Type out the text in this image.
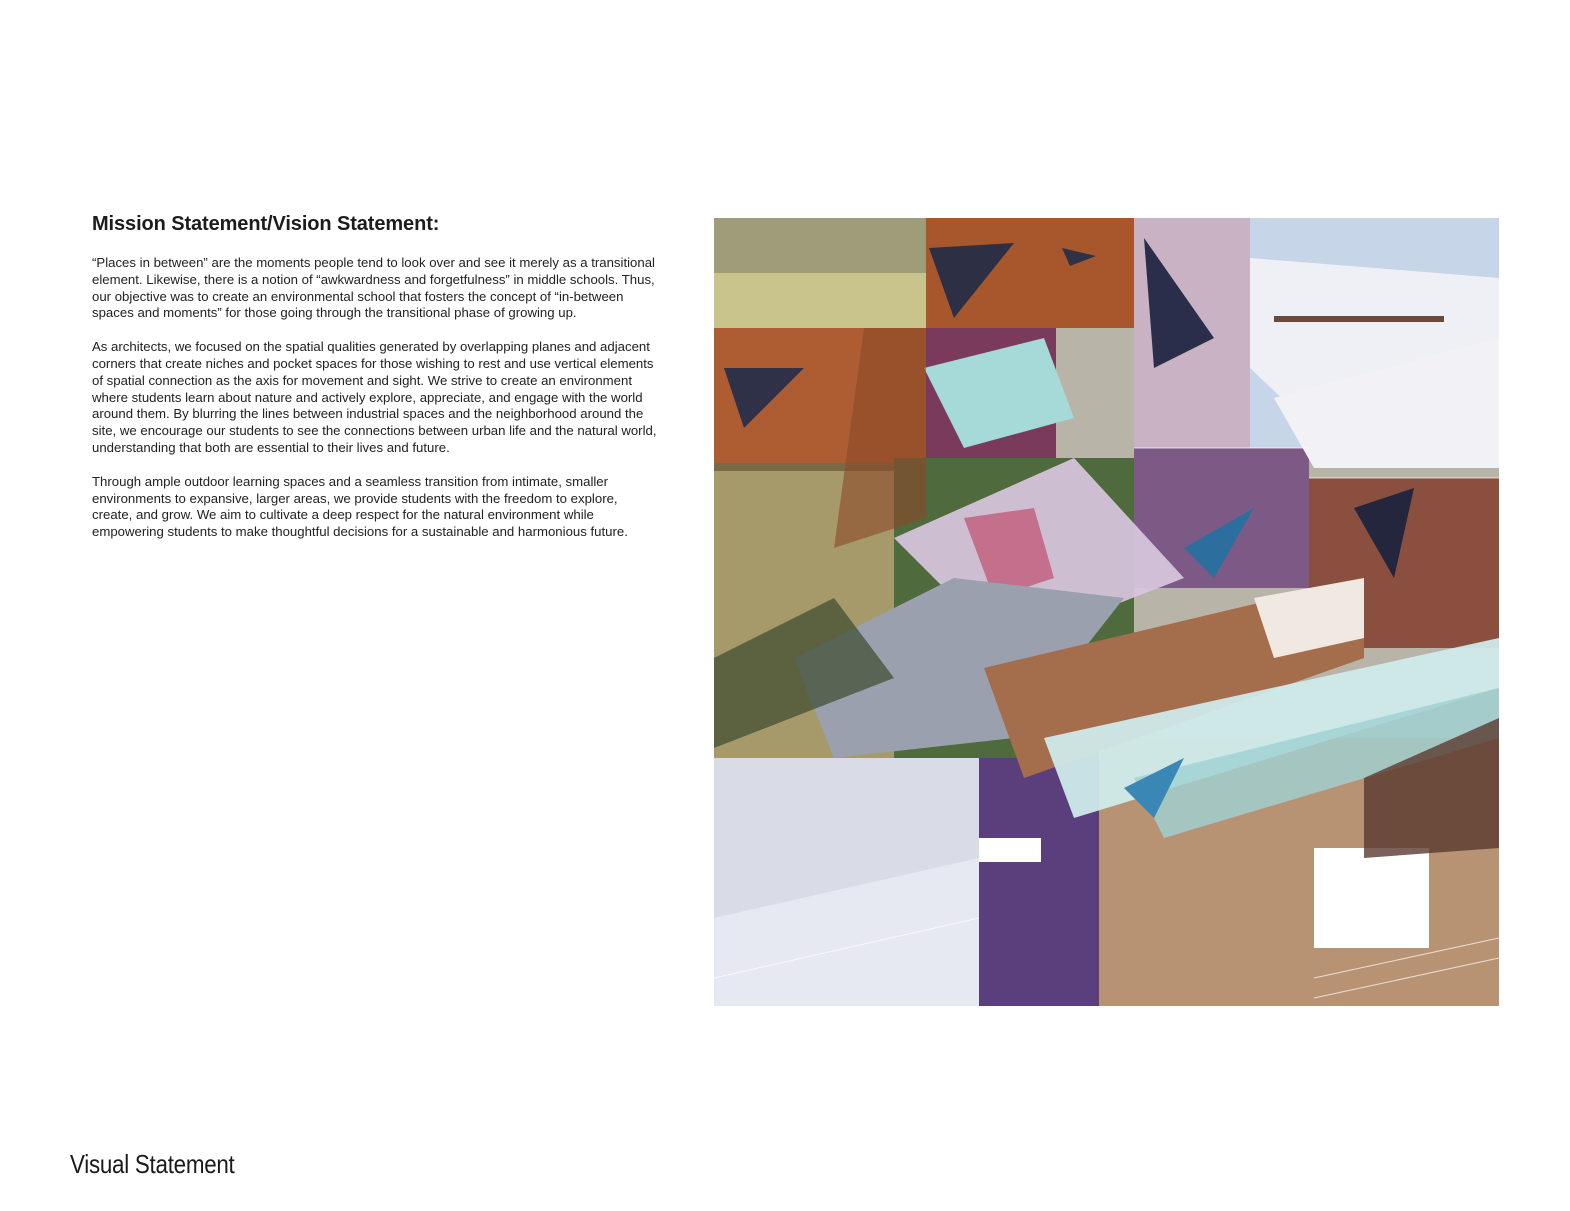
Mission Statement/Vision Statement:

“Places in between” are the moments people tend to look over and see it merely as a transitional element. Likewise, there is a notion of “awkwardness and forgetfulness” in middle schools. Thus, our objective was to create an environmental school that fosters the concept of “in-between spaces and moments” for those going through the transitional phase of growing up.

As architects, we focused on the spatial qualities generated by overlapping planes and adjacent corners that create niches and pocket spaces for those wishing to rest and use vertical elements of spatial connection as the axis for movement and sight. We strive to create an environment where students learn about nature and actively explore, appreciate, and engage with the world around them. By blurring the lines between industrial spaces and the neighborhood around the site, we encourage our students to see the connections between urban life and the natural world, understanding that both are essential to their lives and future.

Through ample outdoor learning spaces and a seamless transition from intimate, smaller environments to expansive, larger areas, we provide students with the freedom to explore, create, and grow. We aim to cultivate a deep respect for the natural environment while empowering students to make thoughtful decisions for a sustainable and harmonious future.

Visual Statement
